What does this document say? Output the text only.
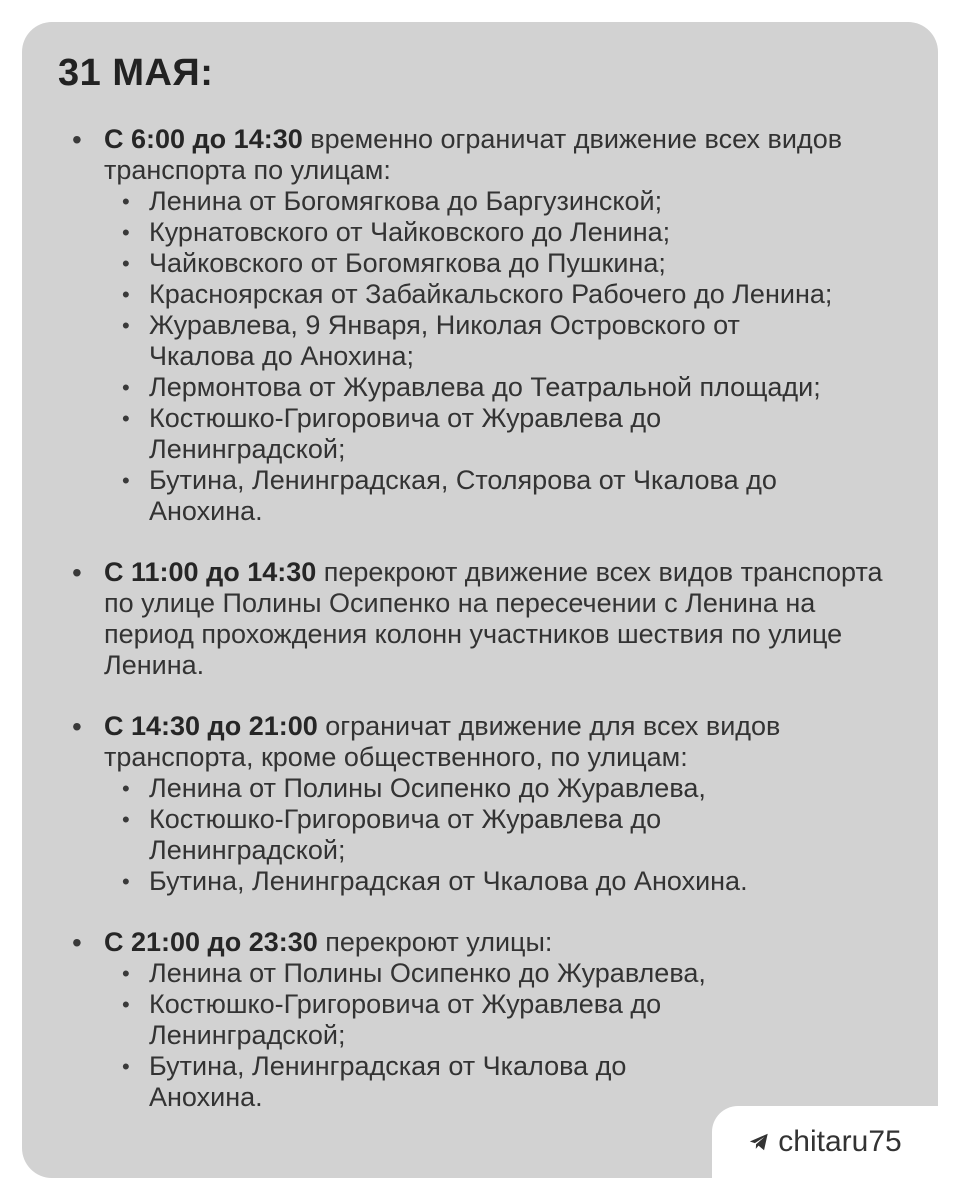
31 МАЯ:
• С 6:00 до 14:30 временно ограничат движение всех видов транспорта по улицам:
• Ленина от Богомягкова до Баргузинской;
• Курнатовского от Чайковского до Ленина;
• Чайковского от Богомягкова до Пушкина;
• Красноярская от Забайкальского Рабочего до Ленина;
• Журавлева, 9 Января, Николая Островского от Чкалова до Анохина;
• Лермонтова от Журавлева до Театральной площади;
• Костюшко-Григоровича от Журавлева до Ленинградской;
• Бутина, Ленинградская, Столярова от Чкалова до Анохина.
• С 11:00 до 14:30 перекроют движение всех видов транспорта по улице Полины Осипенко на пересечении с Ленина на период прохождения колонн участников шествия по улице Ленина.
• С 14:30 до 21:00 ограничат движение для всех видов транспорта, кроме общественного, по улицам:
• Ленина от Полины Осипенко до Журавлева,
• Костюшко-Григоровича от Журавлева до Ленинградской;
• Бутина, Ленинградская от Чкалова до Анохина.
• С 21:00 до 23:30 перекроют улицы:
• Ленина от Полины Осипенко до Журавлева,
• Костюшко-Григоровича от Журавлева до Ленинградской;
• Бутина, Ленинградская от Чкалова до Анохина.
chitaru75
